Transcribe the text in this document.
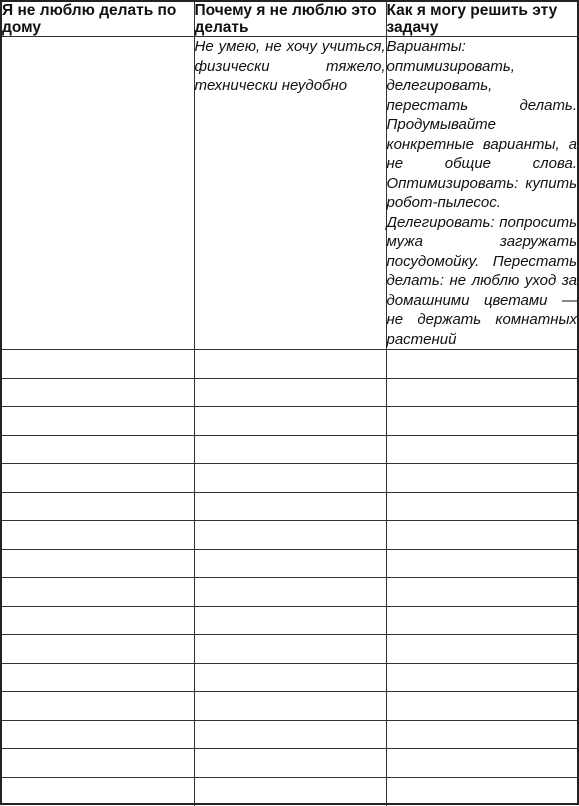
Я не люблю делать по дому	Почему я не люблю это делать	Как я могу решить эту задачу
	Не умею, не хочу учиться, физически тяжело, технически неудобно	Варианты: оптимизировать, делегировать, перестать делать. Продумывайте конкретные варианты, а не общие слова. Оптимизировать: купить робот-пылесос. Делегировать: попросить мужа загружать посудомойку. Перестать делать: не люблю уход за домашними цветами — не держать комнатных растений
